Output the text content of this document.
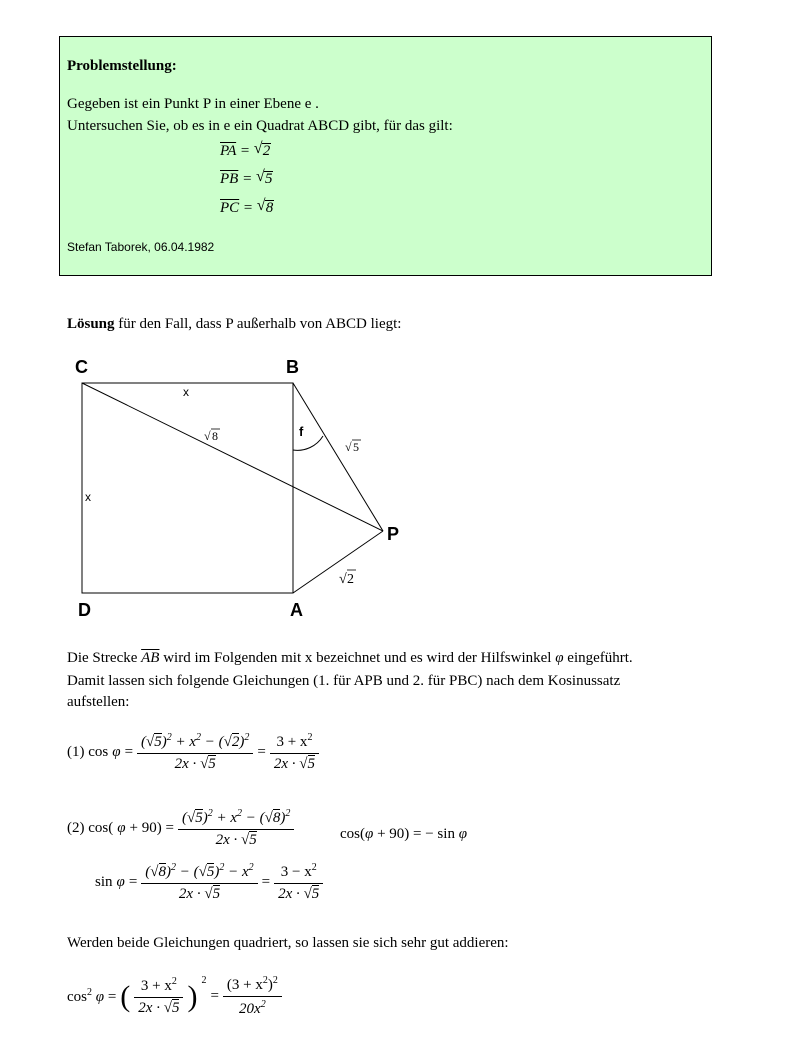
Problemstellung:
Gegeben ist ein Punkt P in einer Ebene e .
Untersuchen Sie, ob es in e ein Quadrat ABCD gibt, für das gilt:
$\overline{PA}$ = √ 2
$\overline{PB}$ = √ 5
$\overline{PC}$ = √ 8
Stefan Taborek, 06.04.1982
Lösung für den Fall, dass P außerhalb von ABCD liegt:
C	B
D	A
P
f
x
x
√ 8
√ 5
√ 2
Die Strecke $\overline{AB}$ wird im Folgenden mit x bezeichnet und es wird der Hilfswinkel φ eingeführt.
Damit lassen sich folgende Gleichungen (1. für APB und 2. für PBC) nach dem Kosinussatz
aufstellen:
(1) $\cos \varphi = \frac{(√5)^2 + x^2 - (√2)^2}{2x \cdot √5} = \frac{3 + x^2}{2x \cdot √5}$
(2) cos( $\varphi + 90) = \frac{(√5)^2 + x^2 - (√8)^2}{2x \cdot √5}$	cos(φ + 90) = − sin φ
$\sin \varphi = \frac{(√8)^2 - (√5)^2 - x^2}{2x \cdot √5} = \frac{3 - x^2}{2x \cdot √5}$
Werden beide Gleichungen quadriert, so lassen sie sich sehr gut addieren:
$\cos^2 \varphi$ = ( $\frac{3 + x^2}{2x \cdot √5}$ ) $^2$
= $\frac{(3 + x^2)^2}{20x^2}$
